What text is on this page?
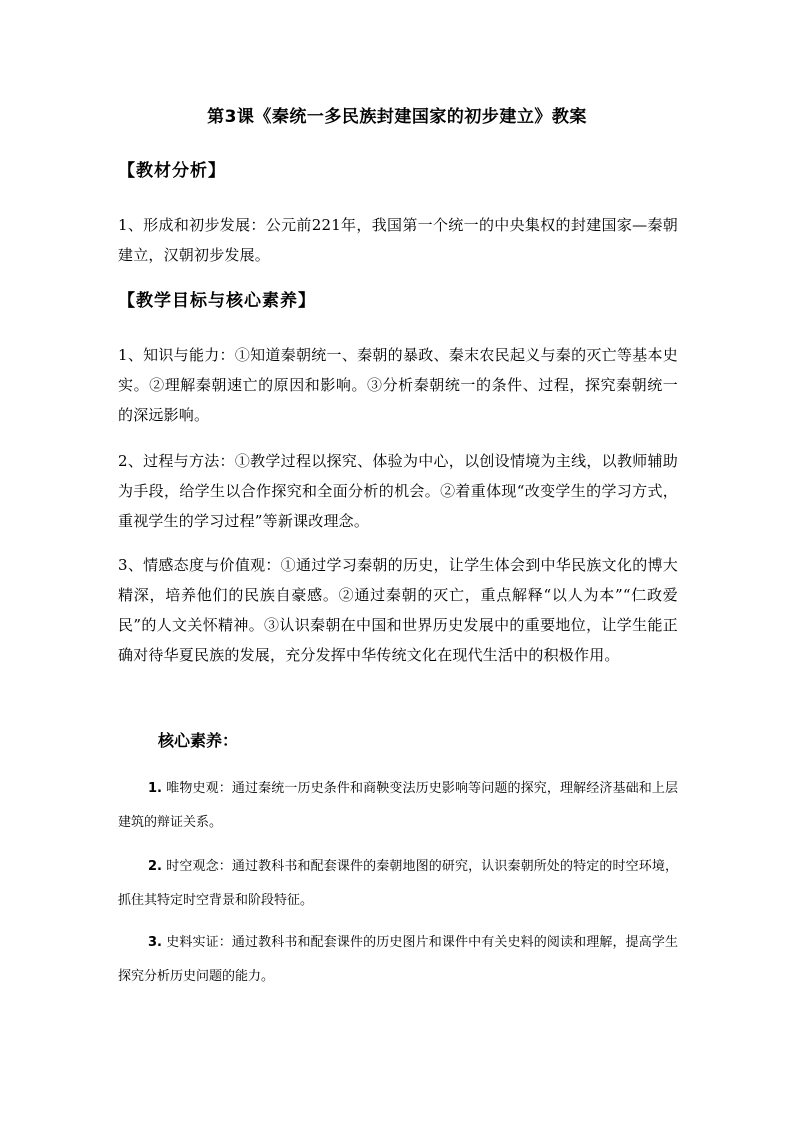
第3课《秦统一多民族封建国家的初步建立》教案
【教材分析】
1、形成和初步发展：公元前221年，我国第一个统一的中央集权的封建国家—秦朝建立，汉朝初步发展。
【教学目标与核心素养】
1、知识与能力：①知道秦朝统一、秦朝的暴政、秦末农民起义与秦的灭亡等基本史实。②理解秦朝速亡的原因和影响。③分析秦朝统一的条件、过程，探究秦朝统一的深远影响。
2、过程与方法：①教学过程以探究、体验为中心，以创设情境为主线，以教师辅助为手段，给学生以合作探究和全面分析的机会。②着重体现“改变学生的学习方式，重视学生的学习过程”等新课改理念。
3、情感态度与价值观：①通过学习秦朝的历史，让学生体会到中华民族文化的博大精深，培养他们的民族自豪感。②通过秦朝的灭亡，重点解释“以人为本”“仁政爱民”的人文关怀精神。③认识秦朝在中国和世界历史发展中的重要地位，让学生能正确对待华夏民族的发展，充分发挥中华传统文化在现代生活中的积极作用。
核心素养：
1. 唯物史观：通过秦统一历史条件和商鞅变法历史影响等问题的探究，理解经济基础和上层建筑的辩证关系。
2. 时空观念：通过教科书和配套课件的秦朝地图的研究，认识秦朝所处的特定的时空环境，抓住其特定时空背景和阶段特征。
3. 史料实证：通过教科书和配套课件的历史图片和课件中有关史料的阅读和理解，提高学生探究分析历史问题的能力。
